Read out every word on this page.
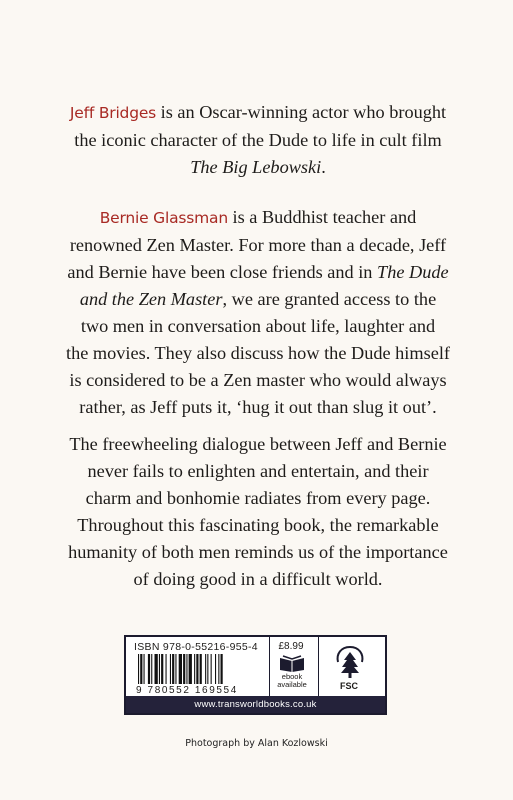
Jeff Bridges is an Oscar-winning actor who brought
the iconic character of the Dude to life in cult film
The Big Lebowski.
Bernie Glassman is a Buddhist teacher and
renowned Zen Master. For more than a decade, Jeff
and Bernie have been close friends and in The Dude
and the Zen Master, we are granted access to the
two men in conversation about life, laughter and
the movies. They also discuss how the Dude himself
is considered to be a Zen master who would always
rather, as Jeff puts it, ‘hug it out than slug it out’.
The freewheeling dialogue between Jeff and Bernie
never fails to enlighten and entertain, and their
charm and bonhomie radiates from every page.
Throughout this fascinating book, the remarkable
humanity of both men reminds us of the importance
of doing good in a difficult world.
ISBN 978-0-55216-955-4
9 780552 169554
£8.99
ebook available	FSC
www.transworldbooks.co.uk
Photograph by Alan Kozlowski
